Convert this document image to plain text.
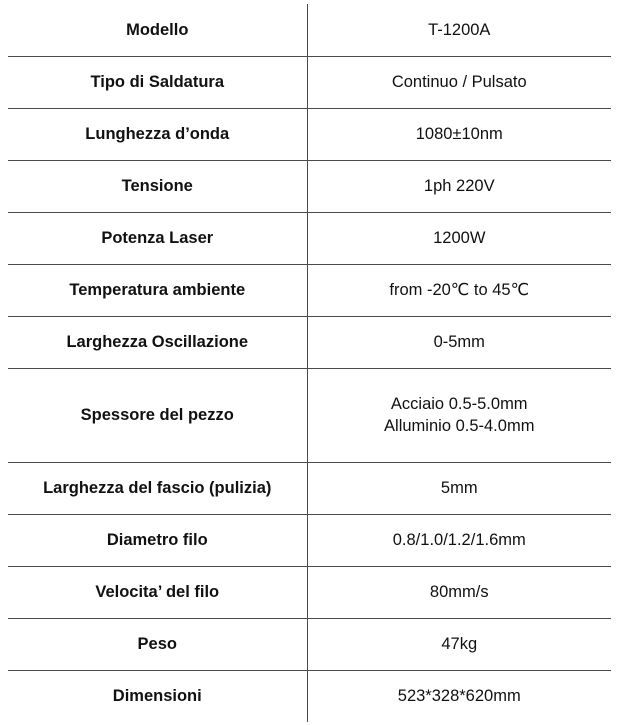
Modello	T-1200A
Tipo di Saldatura	Continuo / Pulsato
Lunghezza d’onda	1080±10nm
Tensione	1ph 220V
Potenza Laser	1200W
Temperatura ambiente	from -20℃ to 45℃
Larghezza Oscillazione	0-5mm
Spessore del pezzo	Acciaio 0.5-5.0mm
Alluminio 0.5-4.0mm

Larghezza del fascio (pulizia)	5mm
Diametro filo	0.8/1.0/1.2/1.6mm
Velocita’ del filo	80mm/s
Peso	47kg
Dimensioni	523*328*620mm
